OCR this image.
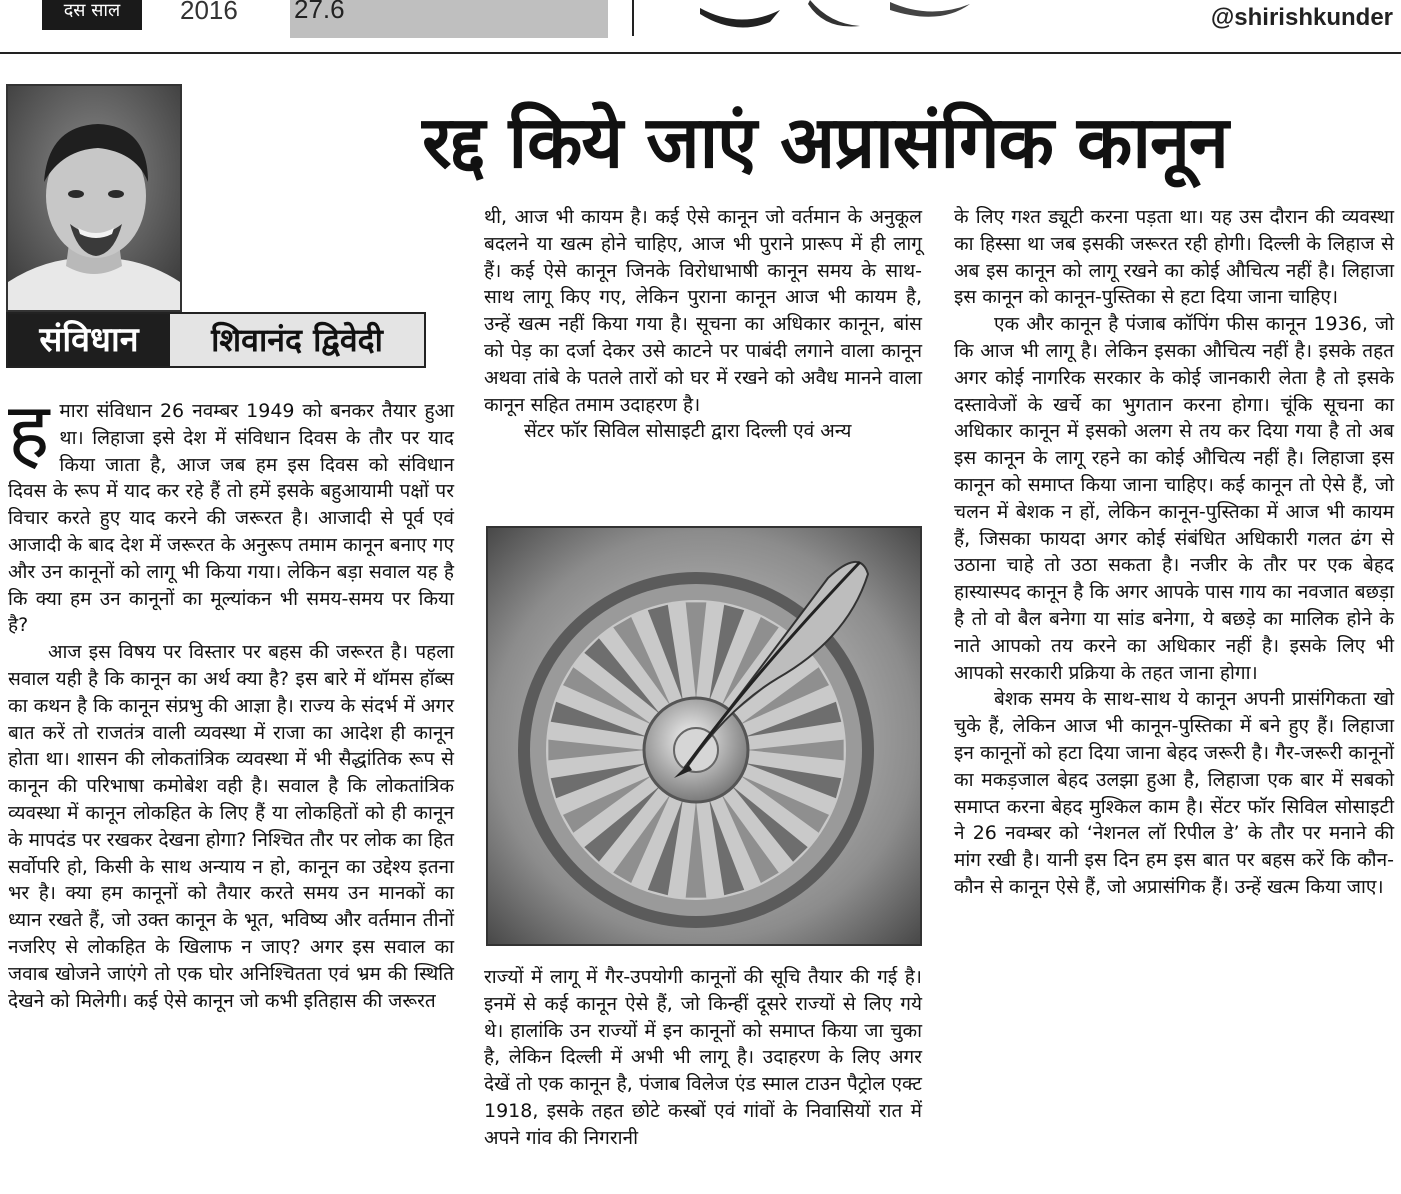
दस साल	2016 27.6	@shirishkunder
संविधान	शिवानंद द्विवेदी
रद्द किये जाएं अप्रासंगिक कानून

हमारा संविधान 26 नवम्बर 1949 को बनकर तैयार हुआ था। लिहाजा इसे देश में संविधान दिवस के तौर पर याद किया जाता है, आज जब हम इस दिवस को संविधान दिवस के रूप में याद कर रहे हैं तो हमें इसके बहुआयामी पक्षों पर विचार करते हुए याद करने की जरूरत है। आजादी से पूर्व एवं आजादी के बाद देश में जरूरत के अनुरूप तमाम कानून बनाए गए और उन कानूनों को लागू भी किया गया। लेकिन बड़ा सवाल यह है कि क्या हम उन कानूनों का मूल्यांकन भी समय-समय पर किया है?

आज इस विषय पर विस्तार पर बहस की जरूरत है। पहला सवाल यही है कि कानून का अर्थ क्या है? इस बारे में थॉमस हॉब्स का कथन है कि कानून संप्रभु की आज्ञा है। राज्य के संदर्भ में अगर बात करें तो राजतंत्र वाली व्यवस्था में राजा का आदेश ही कानून होता था। शासन की लोकतांत्रिक व्यवस्था में भी सैद्धांतिक रूप से कानून की परिभाषा कमोबेश वही है। सवाल है कि लोकतांत्रिक व्यवस्था में कानून लोकहित के लिए हैं या लोकहितों को ही कानून के मापदंड पर रखकर देखना होगा? निश्चित तौर पर लोक का हित सर्वोपरि हो, किसी के साथ अन्याय न हो, कानून का उद्देश्य इतना भर है। क्या हम कानूनों को तैयार करते समय उन मानकों का ध्यान रखते हैं, जो उक्त कानून के भूत, भविष्य और वर्तमान तीनों नजरिए से लोकहित के खिलाफ न जाए? अगर इस सवाल का जवाब खोजने जाएंगे तो एक घोर अनिश्चितता एवं भ्रम की स्थिति देखने को मिलेगी। कई ऐसे कानून जो कभी इतिहास की जरूरत

थी, आज भी कायम है। कई ऐसे कानून जो वर्तमान के अनुकूल बदलने या खत्म होने चाहिए, आज भी पुराने प्रारूप में ही लागू हैं। कई ऐसे कानून जिनके विरोधाभाषी कानून समय के साथ-साथ लागू किए गए, लेकिन पुराना कानून आज भी कायम है, उन्हें खत्म नहीं किया गया है। सूचना का अधिकार कानून, बांस को पेड़ का दर्जा देकर उसे काटने पर पाबंदी लगाने वाला कानून अथवा तांबे के पतले तारों को घर में रखने को अवैध मानने वाला कानून सहित तमाम उदाहरण है।

सेंटर फॉर सिविल सोसाइटी द्वारा दिल्ली एवं अन्य

राज्यों में लागू में गैर-उपयोगी कानूनों की सूचि तैयार की गई है। इनमें से कई कानून ऐसे हैं, जो किन्हीं दूसरे राज्यों से लिए गये थे। हालांकि उन राज्यों में इन कानूनों को समाप्त किया जा चुका है, लेकिन दिल्ली में अभी भी लागू है। उदाहरण के लिए अगर देखें तो एक कानून है, पंजाब विलेज एंड स्माल टाउन पैट्रोल एक्ट 1918, इसके तहत छोटे कस्बों एवं गांवों के निवासियों रात में अपने गांव की निगरानी

के लिए गश्त ड्यूटी करना पड़ता था। यह उस दौरान की व्यवस्था का हिस्सा था जब इसकी जरूरत रही होगी। दिल्ली के लिहाज से अब इस कानून को लागू रखने का कोई औचित्य नहीं है। लिहाजा इस कानून को कानून-पुस्तिका से हटा दिया जाना चाहिए।

एक और कानून है पंजाब कॉपिंग फीस कानून 1936, जो कि आज भी लागू है। लेकिन इसका औचित्य नहीं है। इसके तहत अगर कोई नागरिक सरकार के कोई जानकारी लेता है तो इसके दस्तावेजों के खर्चे का भुगतान करना होगा। चूंकि सूचना का अधिकार कानून में इसको अलग से तय कर दिया गया है तो अब इस कानून के लागू रहने का कोई औचित्य नहीं है। लिहाजा इस कानून को समाप्त किया जाना चाहिए। कई कानून तो ऐसे हैं, जो चलन में बेशक न हों, लेकिन कानून-पुस्तिका में आज भी कायम हैं, जिसका फायदा अगर कोई संबंधित अधिकारी गलत ढंग से उठाना चाहे तो उठा सकता है। नजीर के तौर पर एक बेहद हास्यास्पद कानून है कि अगर आपके पास गाय का नवजात बछड़ा है तो वो बैल बनेगा या सांड बनेगा, ये बछड़े का मालिक होने के नाते आपको तय करने का अधिकार नहीं है। इसके लिए भी आपको सरकारी प्रक्रिया के तहत जाना होगा।

बेशक समय के साथ-साथ ये कानून अपनी प्रासंगिकता खो चुके हैं, लेकिन आज भी कानून-पुस्तिका में बने हुए हैं। लिहाजा इन कानूनों को हटा दिया जाना बेहद जरूरी है। गैर-जरूरी कानूनों का मकड़जाल बेहद उलझा हुआ है, लिहाजा एक बार में सबको समाप्त करना बेहद मुश्किल काम है। सेंटर फॉर सिविल सोसाइटी ने 26 नवम्बर को ‘नेशनल लॉ रिपील डे’ के तौर पर मनाने की मांग रखी है। यानी इस दिन हम इस बात पर बहस करें कि कौन-कौन से कानून ऐसे हैं, जो अप्रासंगिक हैं। उन्हें खत्म किया जाए।
